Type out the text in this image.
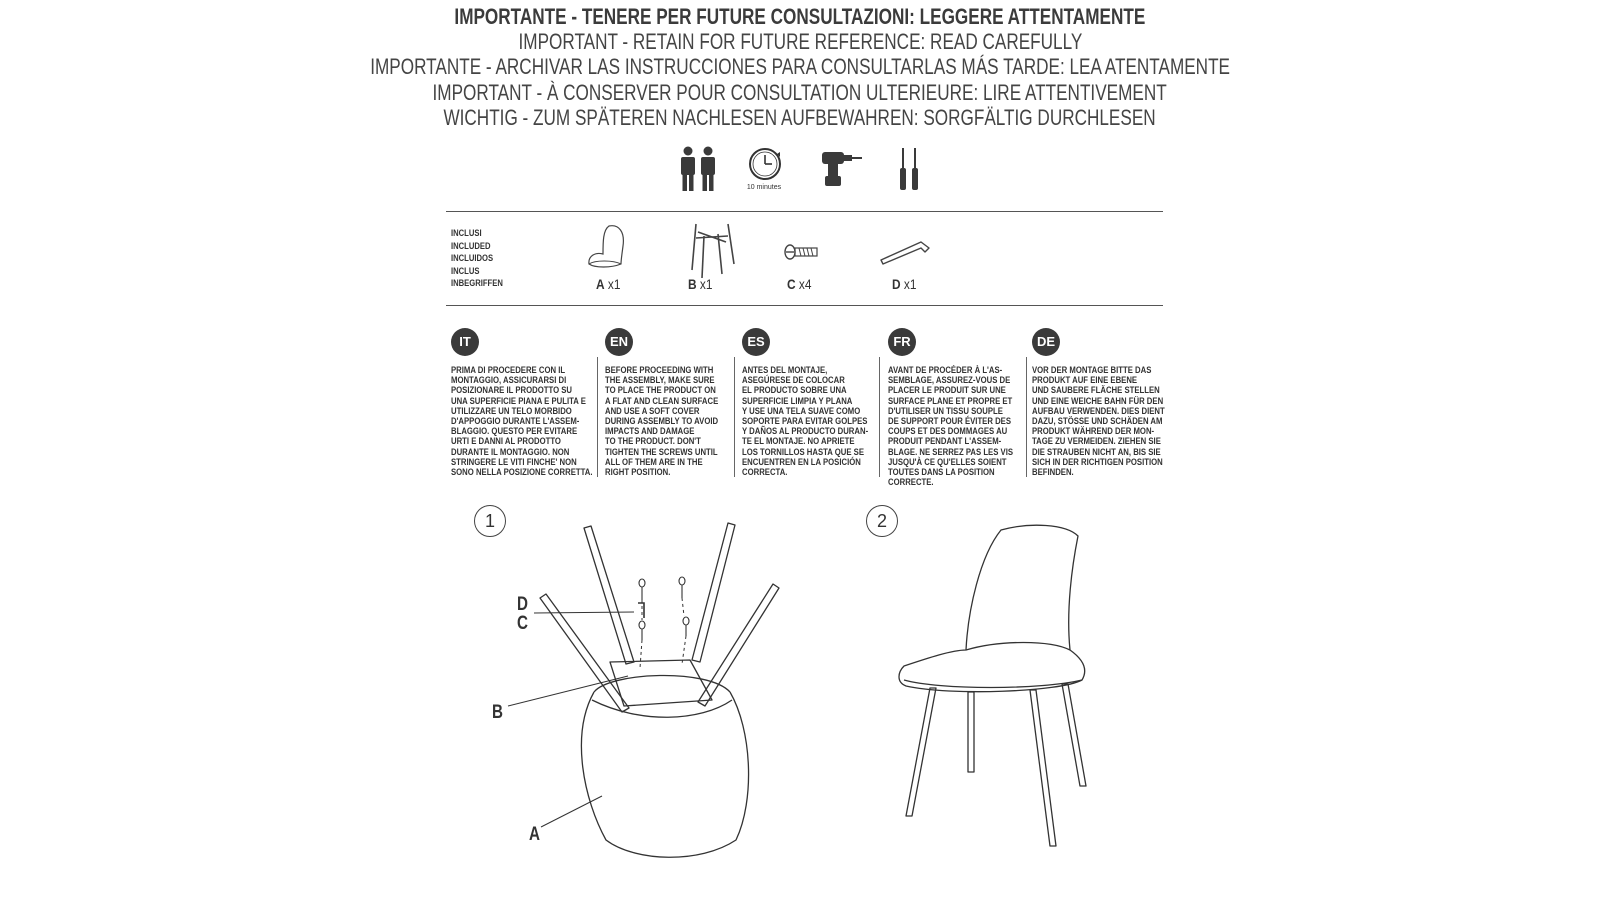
IMPORTANTE - TENERE PER FUTURE CONSULTAZIONI: LEGGERE ATTENTAMENTE
IMPORTANT - RETAIN FOR FUTURE REFERENCE: READ CAREFULLY
IMPORTANTE - ARCHIVAR LAS INSTRUCCIONES PARA CONSULTARLAS MÁS TARDE: LEA ATENTAMENTE
IMPORTANT - À CONSERVER POUR CONSULTATION ULTERIEURE: LIRE ATTENTIVEMENT
WICHTIG - ZUM SPÄTEREN NACHLESEN AUFBEWAHREN: SORGFÄLTIG DURCHLESEN
10 minutes
INCLUSI
INCLUDED
INCLUIDOS
INCLUS
INBEGRIFFEN	A x1	B x1	C x4	D x1
IT
PRIMA DI PROCEDERE CON IL
MONTAGGIO, ASSICURARSI DI
POSIZIONARE IL PRODOTTO SU
UNA SUPERFICIE PIANA E PULITA E
UTILIZZARE UN TELO MORBIDO
D'APPOGGIO DURANTE L'ASSEM-
BLAGGIO. QUESTO PER EVITARE
URTI E DANNI AL PRODOTTO
DURANTE IL MONTAGGIO. NON
STRINGERE LE VITI FINCHE' NON
SONO NELLA POSIZIONE CORRETTA.
EN
BEFORE PROCEEDING WITH
THE ASSEMBLY, MAKE SURE
TO PLACE THE PRODUCT ON
A FLAT AND CLEAN SURFACE
AND USE A SOFT COVER
DURING ASSEMBLY TO AVOID
IMPACTS AND DAMAGE
TO THE PRODUCT. DON'T
TIGHTEN THE SCREWS UNTIL
ALL OF THEM ARE IN THE
RIGHT POSITION.
ES
ANTES DEL MONTAJE,
ASEGÚRESE DE COLOCAR
EL PRODUCTO SOBRE UNA
SUPERFICIE LIMPIA Y PLANA
Y USE UNA TELA SUAVE COMO
SOPORTE PARA EVITAR GOLPES
Y DAÑOS AL PRODUCTO DURAN-
TE EL MONTAJE. NO APRIETE
LOS TORNILLOS HASTA QUE SE
ENCUENTREN EN LA POSICIÓN
CORRECTA.
FR
AVANT DE PROCÉDER À L'AS-
SEMBLAGE, ASSUREZ-VOUS DE
PLACER LE PRODUIT SUR UNE
SURFACE PLANE ET PROPRE ET
D'UTILISER UN TISSU SOUPLE
DE SUPPORT POUR ÉVITER DES
COUPS ET DES DOMMAGES AU
PRODUIT PENDANT L'ASSEM-
BLAGE. NE SERREZ PAS LES VIS
JUSQU'À CE QU'ELLES SOIENT
TOUTES DANS LA POSITION
CORRECTE.
DE
VOR DER MONTAGE BITTE DAS
PRODUKT AUF EINE EBENE
UND SAUBERE FLÄCHE STELLEN
UND EINE WEICHE BAHN FÜR DEN
AUFBAU VERWENDEN. DIES DIENT
DAZU, STÖSSE UND SCHÄDEN AM
PRODUKT WÄHREND DER MON-
TAGE ZU VERMEIDEN. ZIEHEN SIE
DIE STRAUBEN NICHT AN, BIS SIE
SICH IN DER RICHTIGEN POSITION
BEFINDEN.
1
D
C
B
A
2
